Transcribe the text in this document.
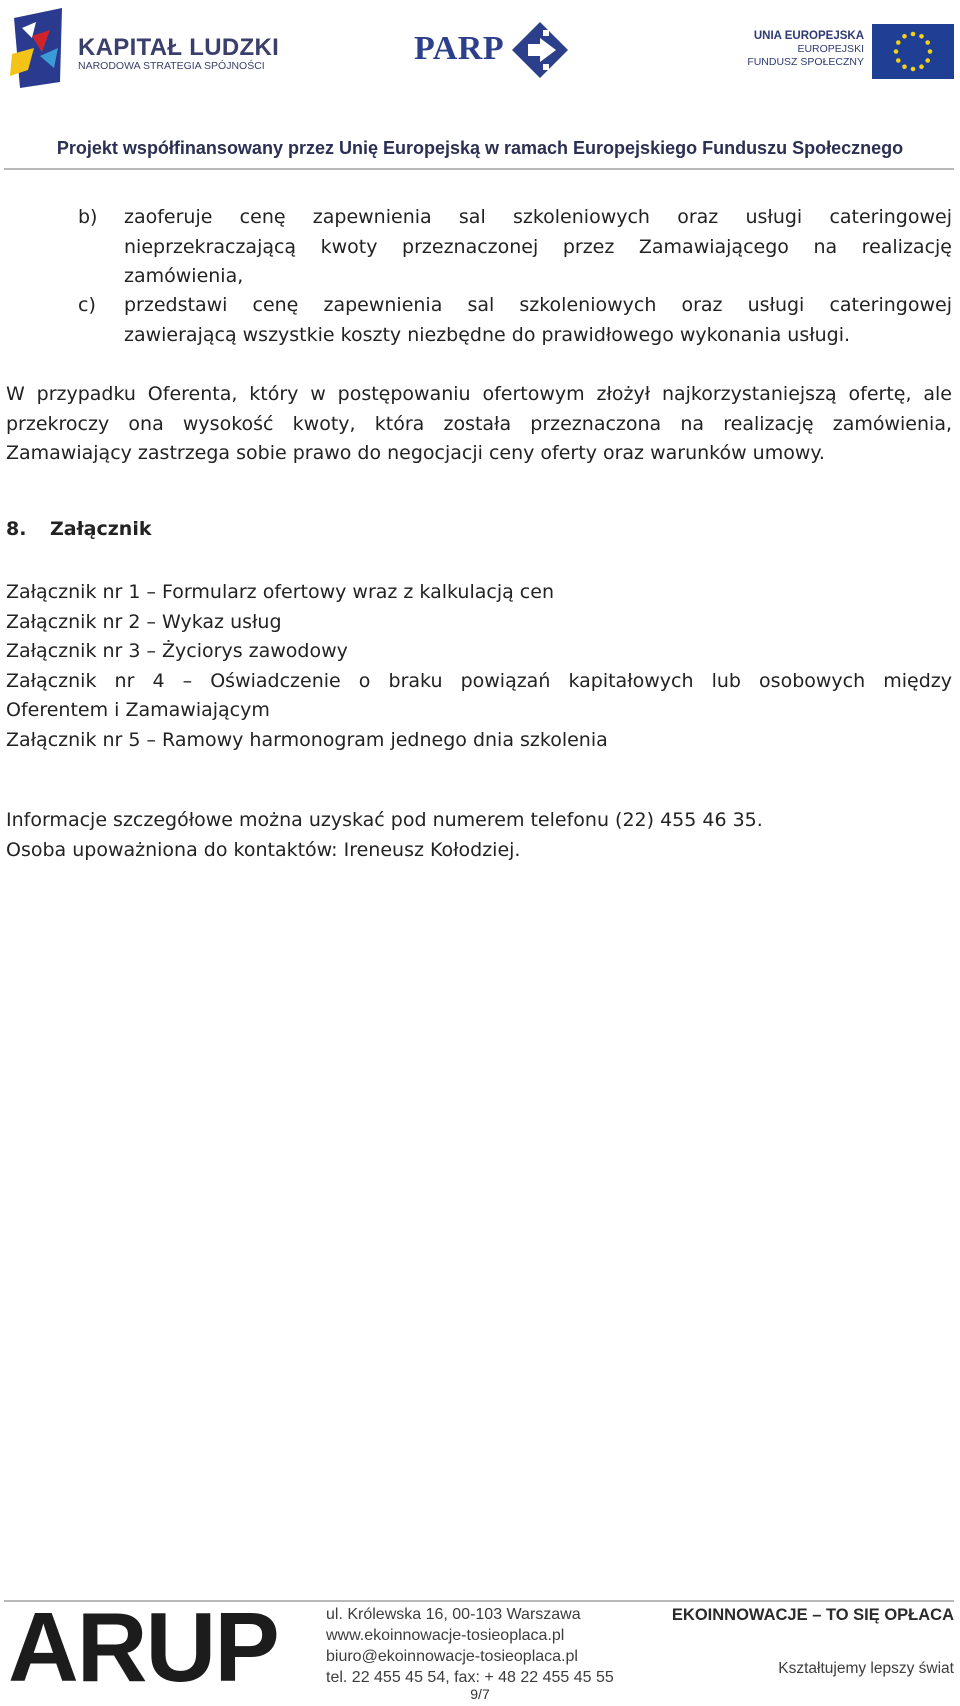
KAPITAŁ LUDZKI
NARODOWA STRATEGIA SPÓJNOŚCI	PARP	UNIA EUROPEJSKA
EUROPEJSKI
FUNDUSZ SPOŁECZNY
Projekt współfinansowany przez Unię Europejską w ramach Europejskiego Funduszu Społecznego
b) zaoferuje cenę zapewnienia sal szkoleniowych oraz usługi cateringowej
nieprzekraczającą kwoty przeznaczonej przez Zamawiającego na realizację
zamówienia,
c) przedstawi cenę zapewnienia sal szkoleniowych oraz usługi cateringowej
zawierającą wszystkie koszty niezbędne do prawidłowego wykonania usługi.
W przypadku Oferenta, który w postępowaniu ofertowym złożył najkorzystaniejszą ofertę, ale
przekroczy ona wysokość kwoty, która została przeznaczona na realizację zamówienia,
Zamawiający zastrzega sobie prawo do negocjacji ceny oferty oraz warunków umowy.
8. Załącznik
Załącznik nr 1 – Formularz ofertowy wraz z kalkulacją cen
Załącznik nr 2 – Wykaz usług
Załącznik nr 3 – Życiorys zawodowy
Załącznik nr 4 – Oświadczenie o braku powiązań kapitałowych lub osobowych między
Oferentem i Zamawiającym
Załącznik nr 5 – Ramowy harmonogram jednego dnia szkolenia
Informacje szczegółowe można uzyskać pod numerem telefonu (22) 455 46 35.
Osoba upoważniona do kontaktów: Ireneusz Kołodziej.
ARUP	ul. Królewska 16, 00-103 Warszawa
www.ekoinnowacje-tosieoplaca.pl
biuro@ekoinnowacje-tosieoplaca.pl
tel. 22 455 45 54, fax: + 48 22 455 45 55
EKOINNOWACJE – TO SIĘ OPŁACA
Kształtujemy lepszy świat
9/7
